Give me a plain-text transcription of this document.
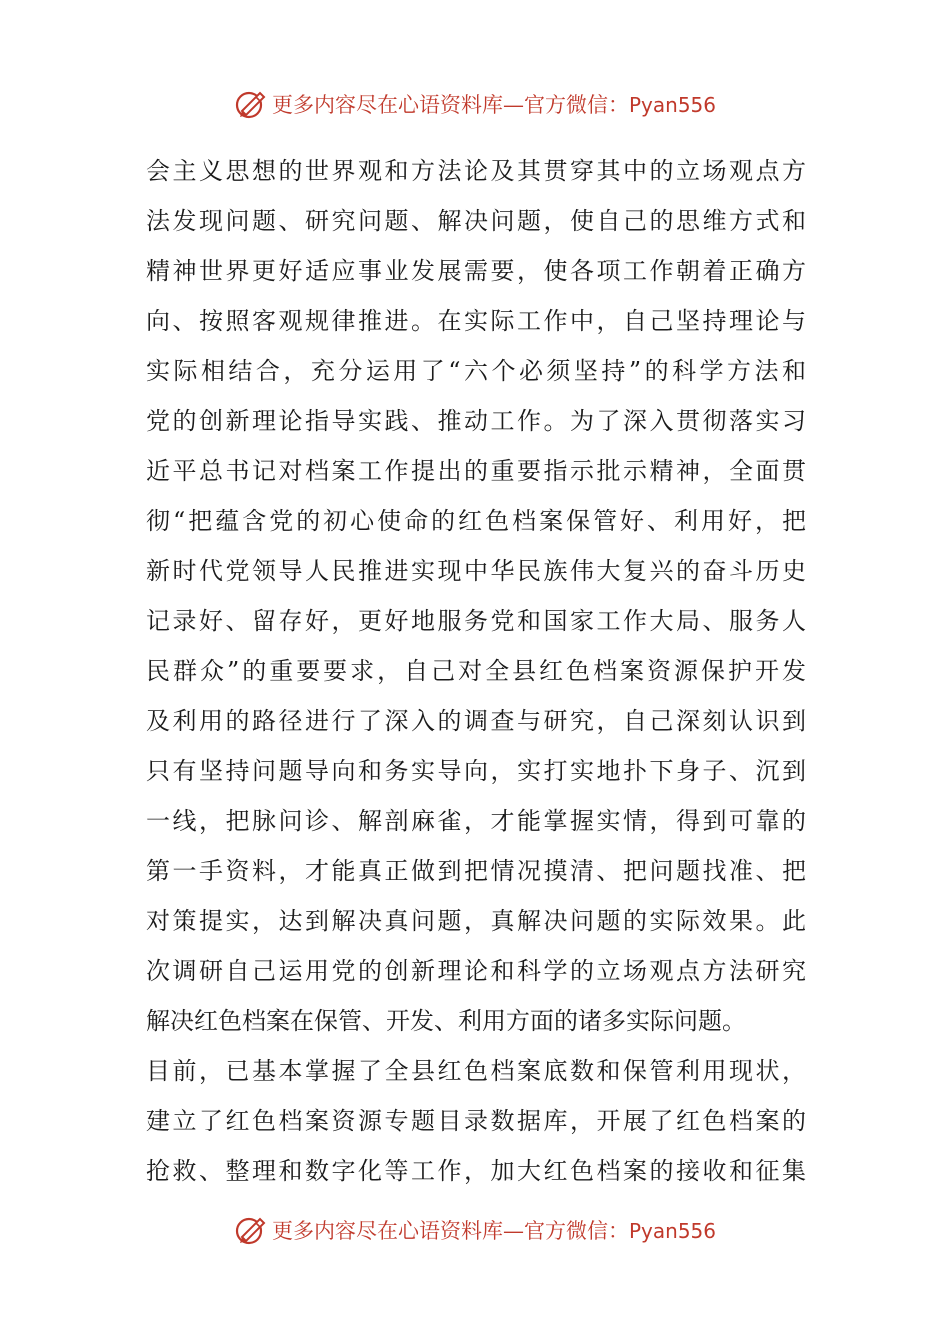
更多内容尽在心语资料库—官方微信：Pyan556
会主义思想的世界观和方法论及其贯穿其中的立场观点方
法发现问题、研究问题、解决问题，使自己的思维方式和
精神世界更好适应事业发展需要，使各项工作朝着正确方
向、按照客观规律推进。在实际工作中，自己坚持理论与
实际相结合，充分运用了“六个必须坚持”的科学方法和
党的创新理论指导实践、推动工作。为了深入贯彻落实习
近平总书记对档案工作提出的重要指示批示精神，全面贯
彻“把蕴含党的初心使命的红色档案保管好、利用好，把
新时代党领导人民推进实现中华民族伟大复兴的奋斗历史
记录好、留存好，更好地服务党和国家工作大局、服务人
民群众”的重要要求，自己对全县红色档案资源保护开发
及利用的路径进行了深入的调查与研究，自己深刻认识到
只有坚持问题导向和务实导向，实打实地扑下身子、沉到
一线，把脉问诊、解剖麻雀，才能掌握实情，得到可靠的
第一手资料，才能真正做到把情况摸清、把问题找准、把
对策提实，达到解决真问题，真解决问题的实际效果。此
次调研自己运用党的创新理论和科学的立场观点方法研究
解决红色档案在保管、开发、利用方面的诸多实际问题。
目前，已基本掌握了全县红色档案底数和保管利用现状，
建立了红色档案资源专题目录数据库，开展了红色档案的
抢救、整理和数字化等工作，加大红色档案的接收和征集
更多内容尽在心语资料库—官方微信：Pyan556
